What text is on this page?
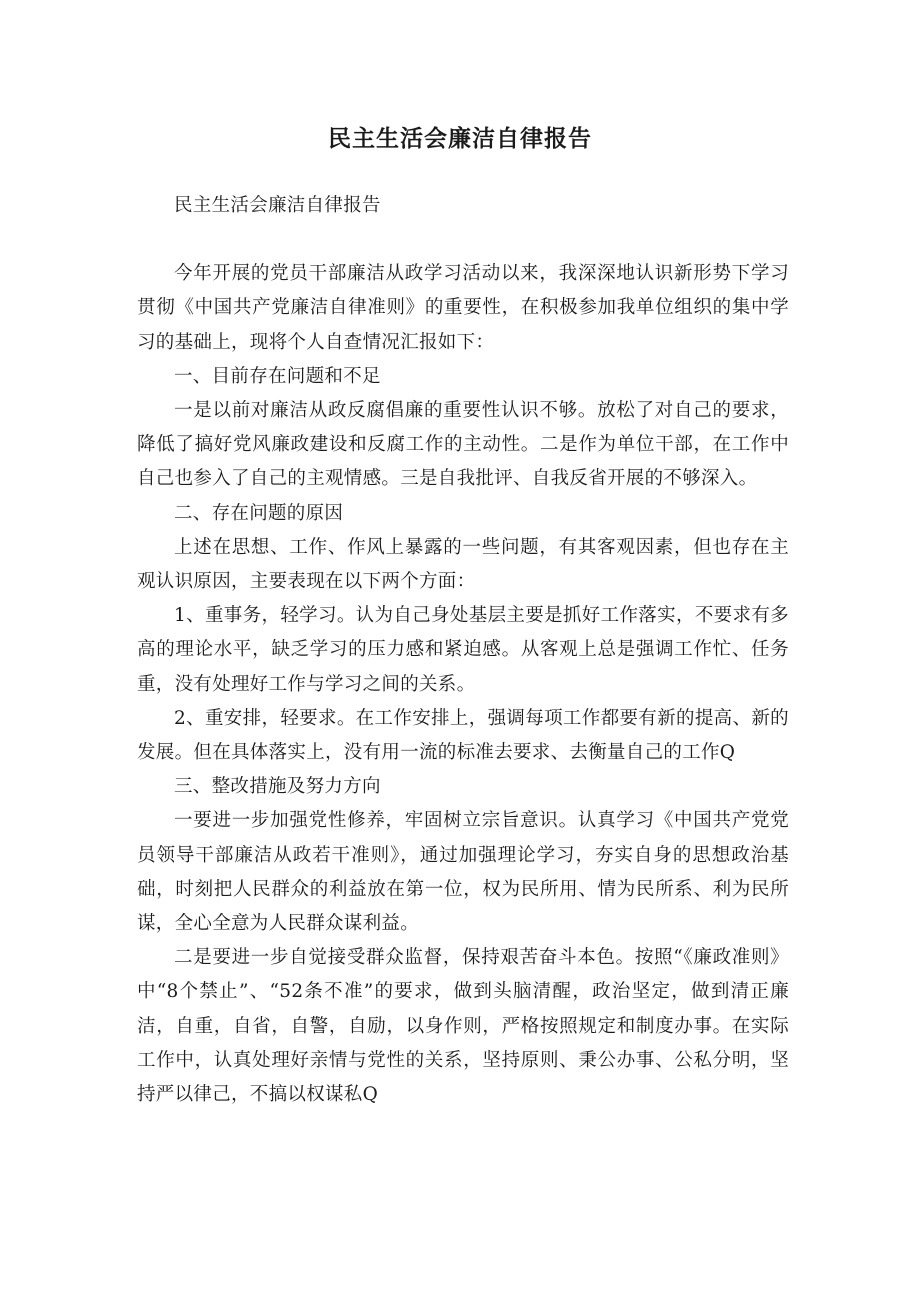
民主生活会廉洁自律报告

民主生活会廉洁自律报告

今年开展的党员干部廉洁从政学习活动以来，我深深地认识新形势下学习贯彻《中国共产党廉洁自律准则》的重要性，在积极参加我单位组织的集中学习的基础上，现将个人自查情况汇报如下：

一、目前存在问题和不足

一是以前对廉洁从政反腐倡廉的重要性认识不够。放松了对自己的要求，降低了搞好党风廉政建设和反腐工作的主动性。二是作为单位干部，在工作中自己也参入了自己的主观情感。三是自我批评、自我反省开展的不够深入。

二、存在问题的原因

上述在思想、工作、作风上暴露的一些问题，有其客观因素，但也存在主观认识原因，主要表现在以下两个方面：

1、重事务，轻学习。认为自己身处基层主要是抓好工作落实，不要求有多高的理论水平，缺乏学习的压力感和紧迫感。从客观上总是强调工作忙、任务重，没有处理好工作与学习之间的关系。

2、重安排，轻要求。在工作安排上，强调每项工作都要有新的提高、新的发展。但在具体落实上，没有用一流的标准去要求、去衡量自己的工作Q

三、整改措施及努力方向

一要进一步加强党性修养，牢固树立宗旨意识。认真学习《中国共产党党员领导干部廉洁从政若干准则》，通过加强理论学习，夯实自身的思想政治基础，时刻把人民群众的利益放在第一位，权为民所用、情为民所系、利为民所谋，全心全意为人民群众谋利益。

二是要进一步自觉接受群众监督，保持艰苦奋斗本色。按照“《廉政准则》中“8个禁止”、“52条不准”的要求，做到头脑清醒，政治坚定，做到清正廉洁，自重，自省，自警，自励，以身作则，严格按照规定和制度办事。在实际工作中，认真处理好亲情与党性的关系，坚持原则、秉公办事、公私分明，坚持严以律己，不搞以权谋私Q
